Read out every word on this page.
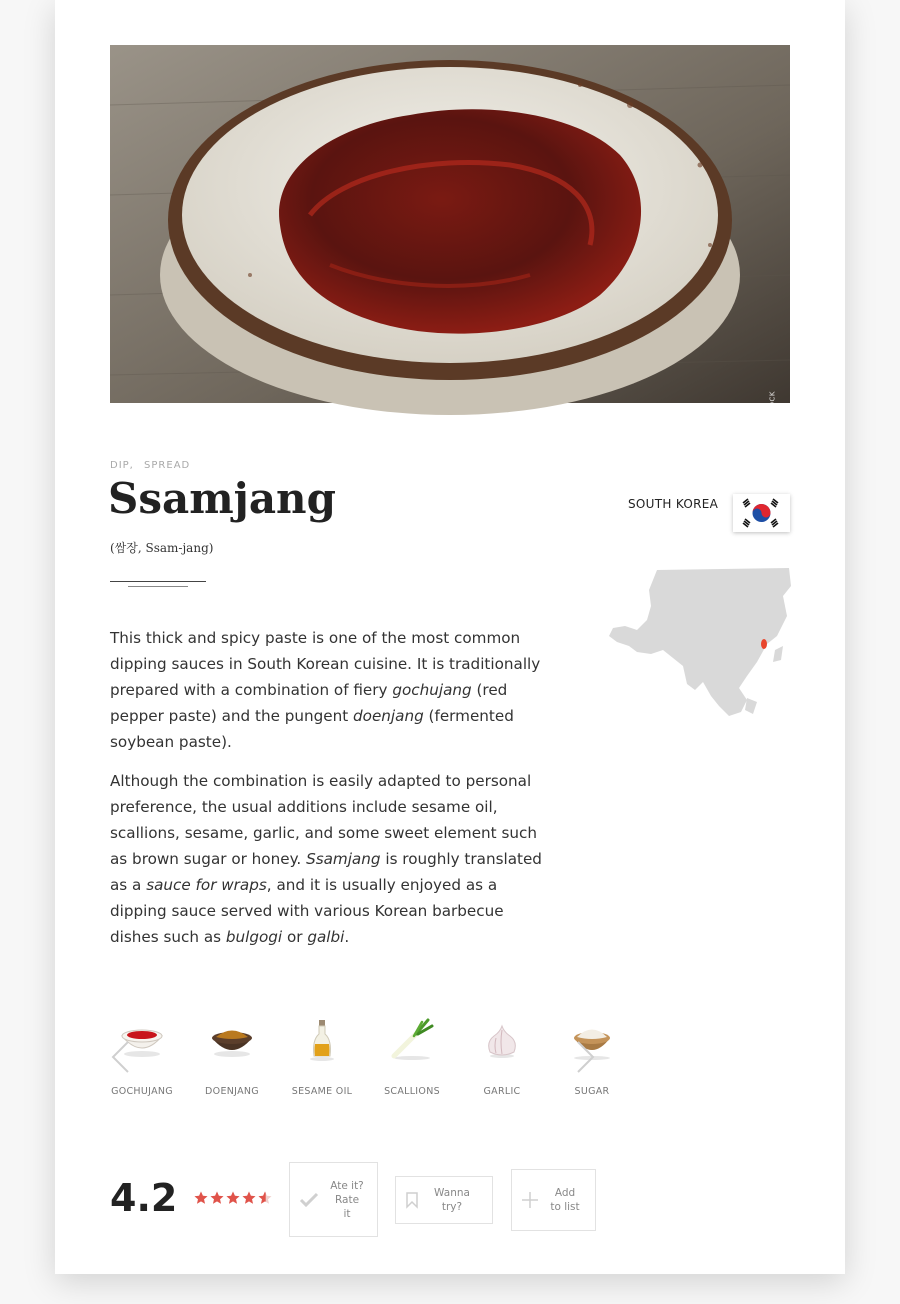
SHUTTERSTOCK
DIP, SPREAD
Ssamjang
(쌈장, Ssam-jang)
SOUTH KOREA

This thick and spicy paste is one of the most common dipping sauces in South Korean cuisine. It is traditionally prepared with a combination of fiery gochujang (red pepper paste) and the pungent doenjang (fermented soybean paste).

Although the combination is easily adapted to personal preference, the usual additions include sesame oil, scallions, sesame, garlic, and some sweet element such as brown sugar or honey. Ssamjang is roughly translated as a sauce for wraps, and it is usually enjoyed as a dipping sauce served with various Korean barbecue dishes such as bulgogi or galbi.

GOCHUJANG	DOENJANG	SESAME OIL	SCALLIONS	GARLIC	SUGAR
4.2	Ate it? Rate it
Wanna try?
Add to list
